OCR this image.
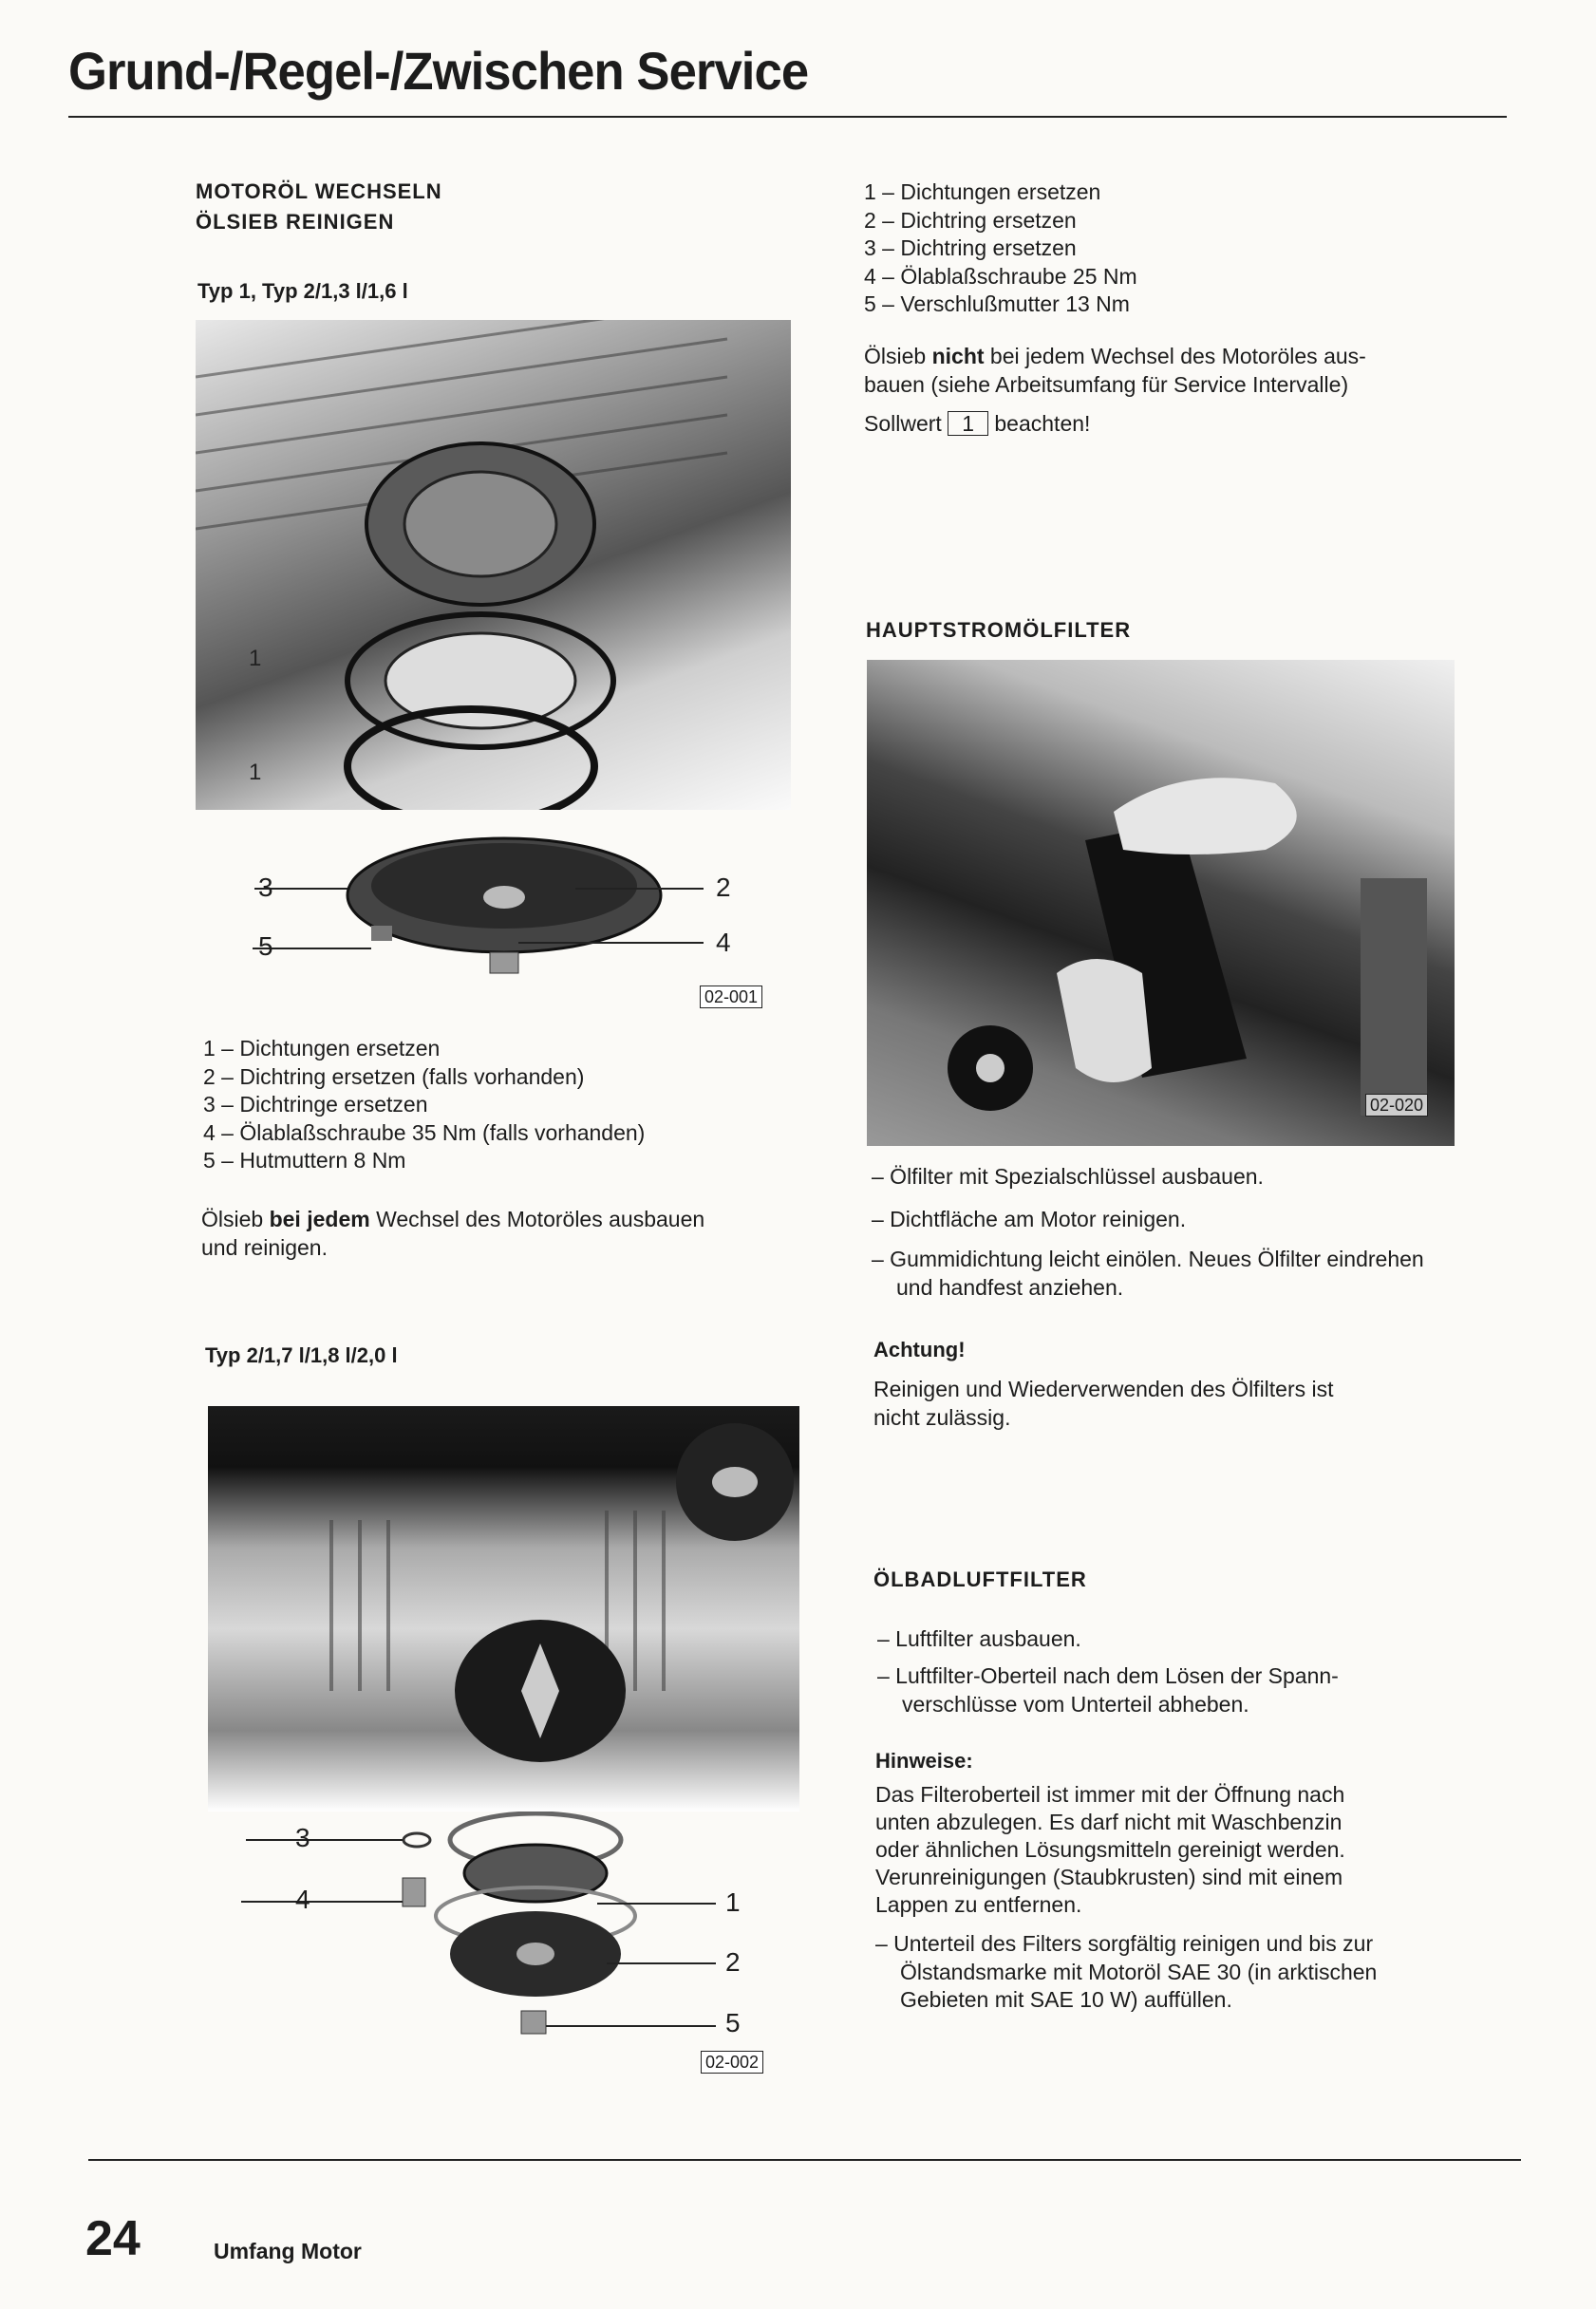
Grund-/Regel-/Zwischen Service
MOTORÖL WECHSELN
ÖLSIEB REINIGEN
Typ 1, Typ 2/1,3 l/1,6 l
3	2
5	4
1
1
02-001
1 – Dichtungen ersetzen
2 – Dichtring ersetzen (falls vorhanden)
3 – Dichtringe ersetzen
4 – Ölablaßschraube 35 Nm (falls vorhanden)
5 – Hutmuttern 8 Nm
Ölsieb bei jedem Wechsel des Motoröles ausbauen
und reinigen.
Typ 2/1,7 l/1,8 l/2,0 l
3
4	1
2
5
02-002
1 – Dichtungen ersetzen
2 – Dichtring ersetzen
3 – Dichtring ersetzen
4 – Ölablaßschraube 25 Nm
5 – Verschlußmutter 13 Nm
Ölsieb nicht bei jedem Wechsel des Motoröles aus-
bauen (siehe Arbeitsumfang für Service Intervalle)
Sollwert 1 beachten!
HAUPTSTROMÖLFILTER
02-020
– Ölfilter mit Spezialschlüssel ausbauen.
– Dichtfläche am Motor reinigen.
– Gummidichtung leicht einölen. Neues Ölfilter eindrehen und handfest anziehen.
Achtung!
Reinigen und Wiederverwenden des Ölfilters ist
nicht zulässig.
ÖLBADLUFTFILTER
– Luftfilter ausbauen.
– Luftfilter-Oberteil nach dem Lösen der Spann-verschlüsse vom Unterteil abheben.
Hinweise:
Das Filteroberteil ist immer mit der Öffnung nach
unten abzulegen. Es darf nicht mit Waschbenzin
oder ähnlichen Lösungsmitteln gereinigt werden.
Verunreinigungen (Staubkrusten) sind mit einem
Lappen zu entfernen.
– Unterteil des Filters sorgfältig reinigen und bis zur Ölstandsmarke mit Motoröl SAE 30 (in arktischen Gebieten mit SAE 10 W) auffüllen.
24	Umfang Motor
